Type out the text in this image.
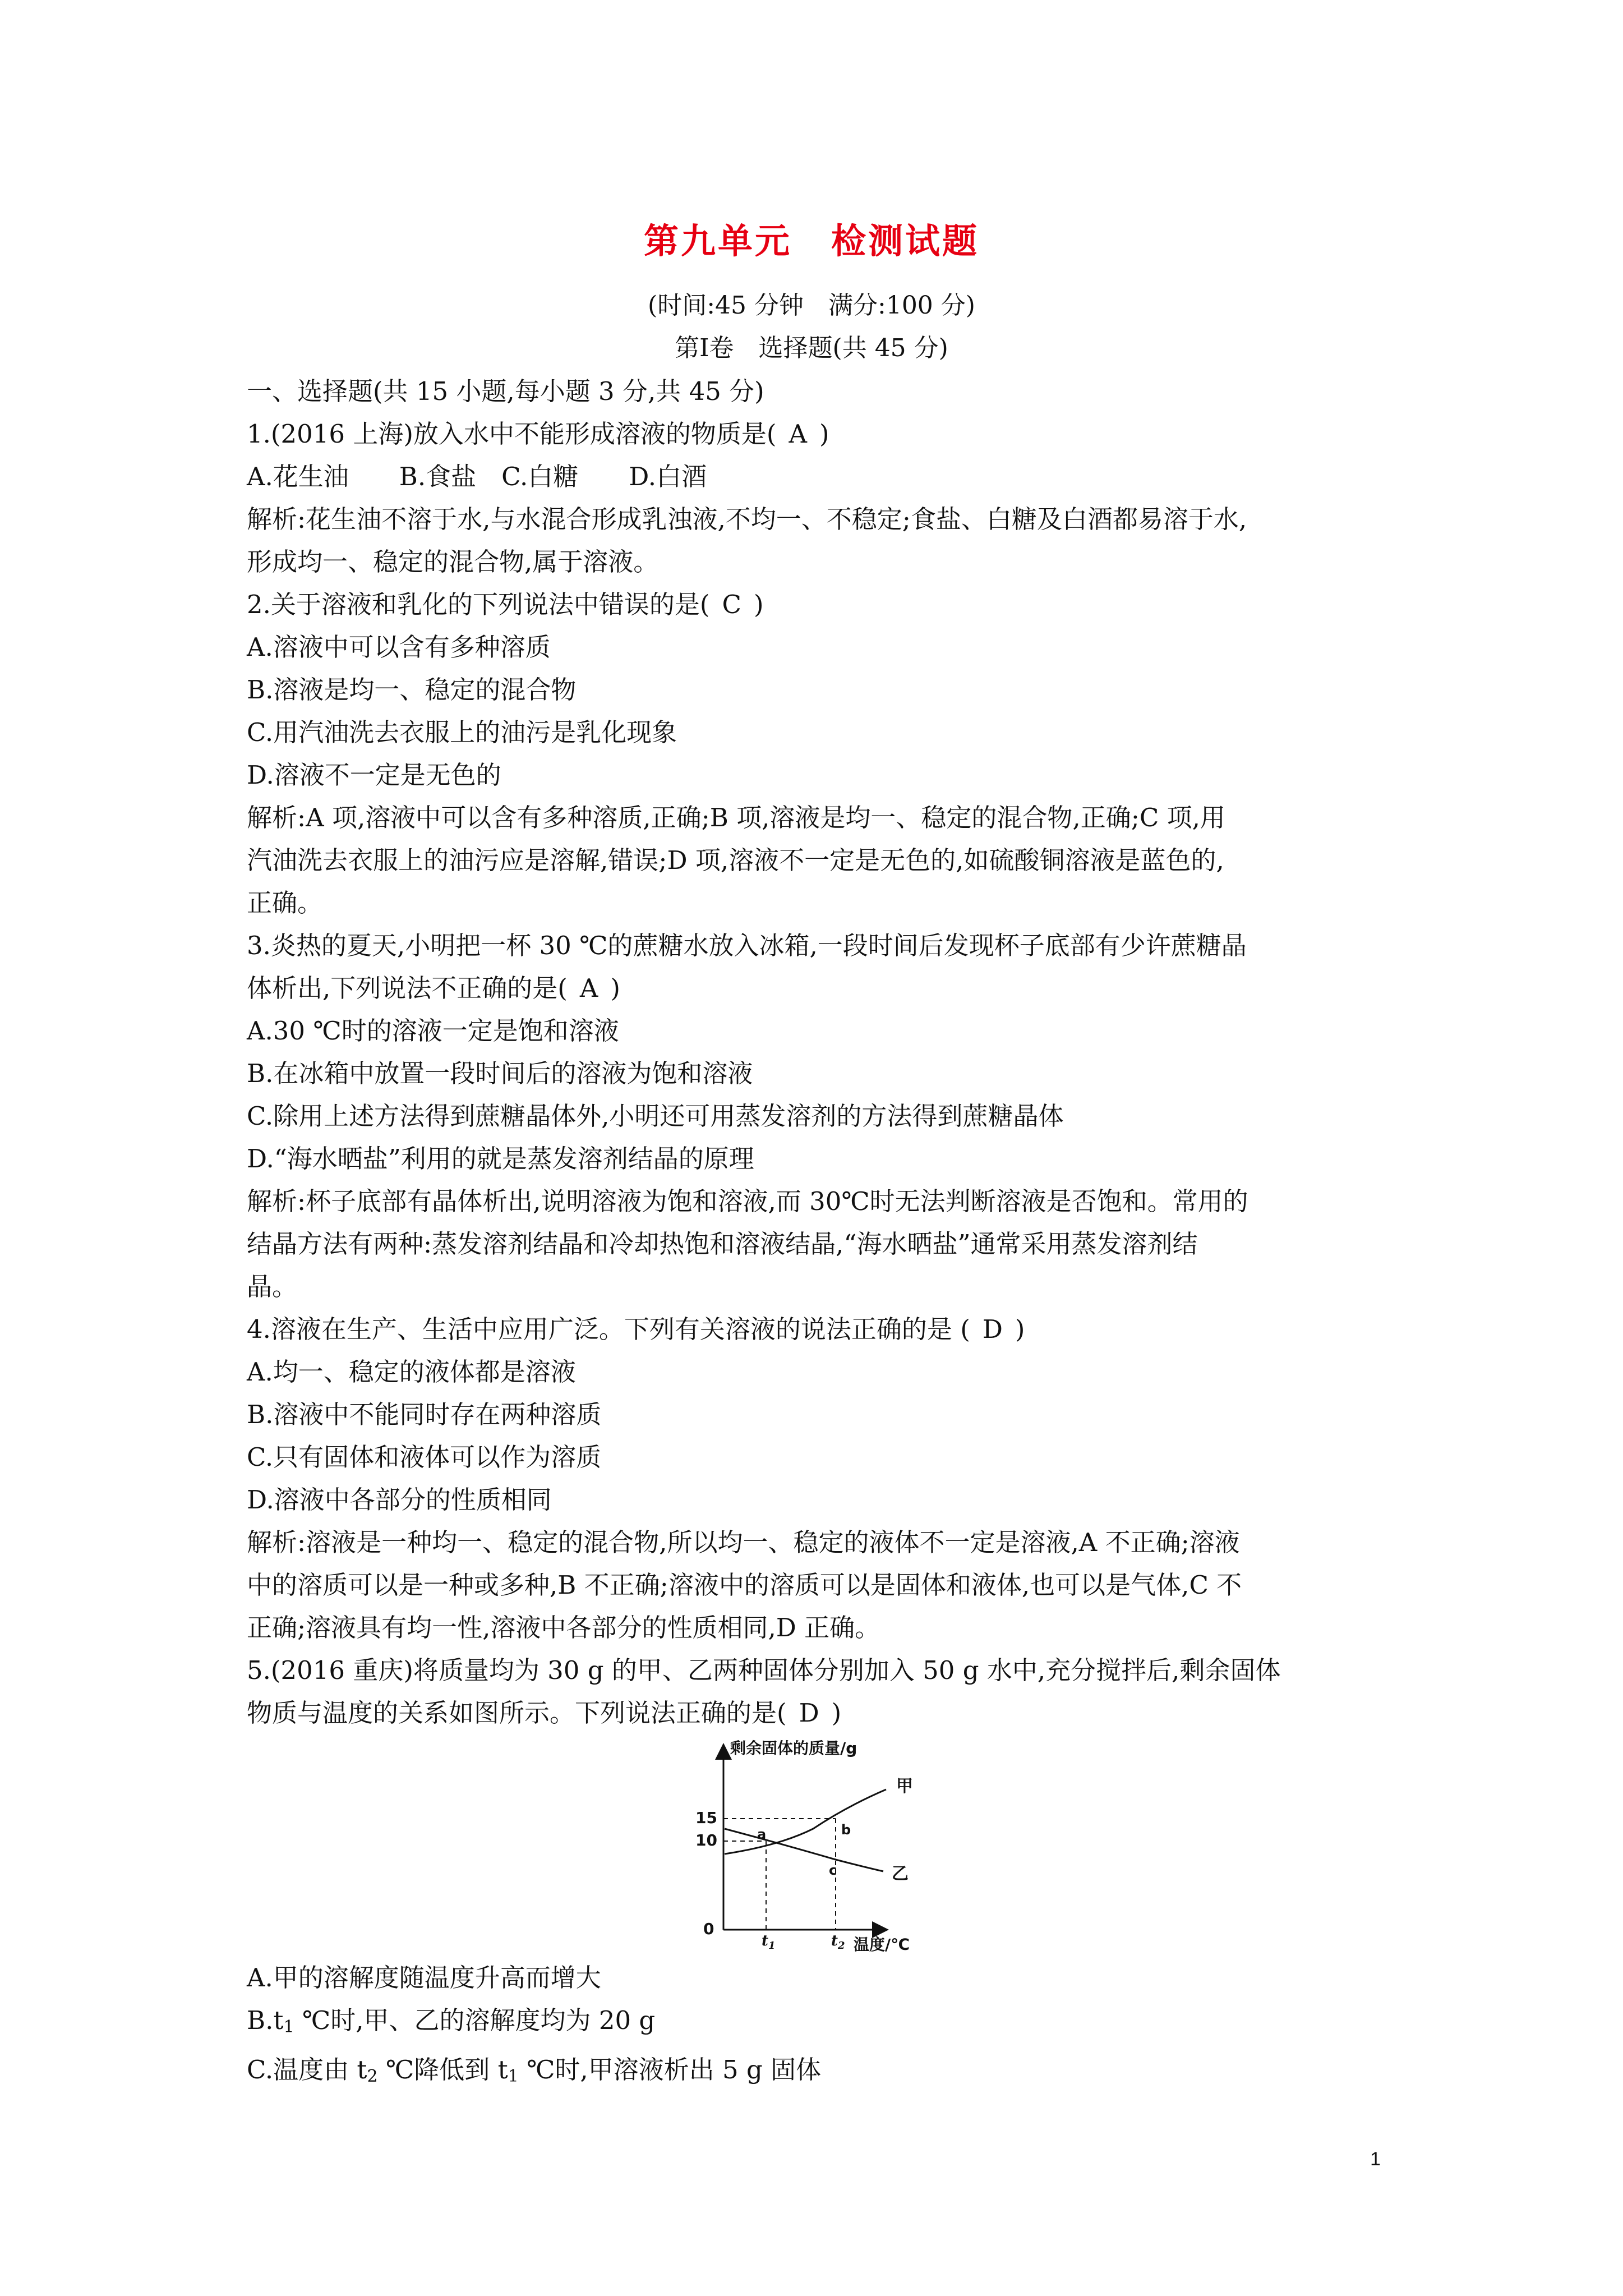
第九单元 检测试题
(时间:45 分钟　满分:100 分)
第Ⅰ卷　选择题(共 45 分)

一、选择题(共 15 小题,每小题 3 分,共 45 分)

1.(2016 上海)放入水中不能形成溶液的物质是( A )

A.花生油　　B.食盐　C.白糖　　D.白酒

解析:花生油不溶于水,与水混合形成乳浊液,不均一、不稳定;食盐、白糖及白酒都易溶于水,

形成均一、稳定的混合物,属于溶液。

2.关于溶液和乳化的下列说法中错误的是( C )

A.溶液中可以含有多种溶质

B.溶液是均一、稳定的混合物

C.用汽油洗去衣服上的油污是乳化现象

D.溶液不一定是无色的

解析:A 项,溶液中可以含有多种溶质,正确;B 项,溶液是均一、稳定的混合物,正确;C 项,用

汽油洗去衣服上的油污应是溶解,错误;D 项,溶液不一定是无色的,如硫酸铜溶液是蓝色的,

正确。

3.炎热的夏天,小明把一杯 30 ℃的蔗糖水放入冰箱,一段时间后发现杯子底部有少许蔗糖晶

体析出,下列说法不正确的是( A )

A.30 ℃时的溶液一定是饱和溶液

B.在冰箱中放置一段时间后的溶液为饱和溶液

C.除用上述方法得到蔗糖晶体外,小明还可用蒸发溶剂的方法得到蔗糖晶体

D.“海水晒盐”利用的就是蒸发溶剂结晶的原理

解析:杯子底部有晶体析出,说明溶液为饱和溶液,而 30℃时无法判断溶液是否饱和。常用的

结晶方法有两种:蒸发溶剂结晶和冷却热饱和溶液结晶,“海水晒盐”通常采用蒸发溶剂结

晶。

4.溶液在生产、生活中应用广泛。下列有关溶液的说法正确的是 ( D )

A.均一、稳定的液体都是溶液

B.溶液中不能同时存在两种溶质

C.只有固体和液体可以作为溶质

D.溶液中各部分的性质相同

解析:溶液是一种均一、稳定的混合物,所以均一、稳定的液体不一定是溶液,A 不正确;溶液

中的溶质可以是一种或多种,B 不正确;溶液中的溶质可以是固体和液体,也可以是气体,C 不

正确;溶液具有均一性,溶液中各部分的性质相同,D 正确。

5.(2016 重庆)将质量均为 30 g 的甲、乙两种固体分别加入 50 g 水中,充分搅拌后,剩余固体

物质与温度的关系如图所示。下列说法正确的是( D )

剩余固体的质量/g
温度/℃
0
15
10
$t_1$	$t_2$
甲
乙
a	b
c

A.甲的溶解度随温度升高而增大

$B.t_1$ ℃时,甲、乙的溶解度均为 20 g

C.温度由 $t_2$ ℃降低到 $t_1$ ℃时,甲溶液析出 5 g 固体

1
